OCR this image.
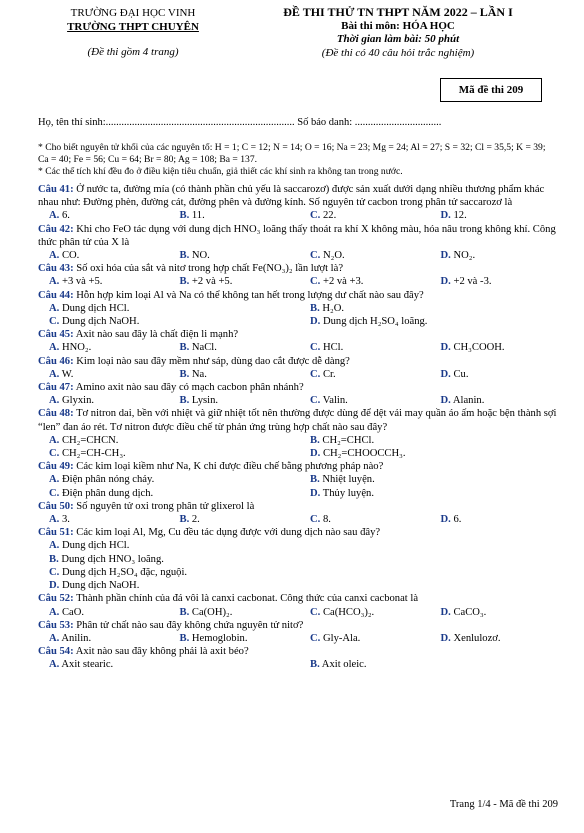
TRƯỜNG ĐẠI HỌC VINH
TRƯỜNG THPT CHUYÊN
(Đề thi gồm 4 trang)
ĐỀ THI THỬ TN THPT NĂM 2022 – LẦN I
Bài thi môn: HÓA HỌC
Thời gian làm bài: 50 phút
(Đề thi có 40 câu hỏi trắc nghiệm)
Mã đề thi 209
Họ, tên thí sinh:........................................................................ Số báo danh: .................................
* Cho biết nguyên tử khối của các nguyên tố: H = 1; C = 12; N = 14; O = 16; Na = 23; Mg = 24; Al = 27; S = 32; Cl = 35,5; K = 39; Ca = 40; Fe = 56; Cu = 64; Br = 80; Ag = 108; Ba = 137.
* Các thể tích khí đều đo ở điều kiện tiêu chuẩn, giả thiết các khí sinh ra không tan trong nước.
Câu 41: Ở nước ta, đường mía (có thành phần chủ yếu là saccarozơ) được sản xuất dưới dạng nhiều thương phẩm khác nhau như: Đường phèn, đường cát, đường phên và đường kính. Số nguyên tử cacbon trong phân tử saccarozơ là
A. 6.	B. 11.	C. 22.	D. 12.
Câu 42: Khi cho FeO tác dụng với dung dịch HNO₃ loãng thấy thoát ra khí X không màu, hóa nâu trong không khí. Công thức phân tử của X là
A. CO.	B. NO.	C. N₂O.	D. NO₂.
Câu 43: Số oxi hóa của sắt và nitơ trong hợp chất Fe(NO₃)₂ lần lượt là?
A. +3 và +5.	B. +2 và +5.	C. +2 và +3.	D. +2 và -3.
Câu 44: Hỗn hợp kim loại Al và Na có thể không tan hết trong lượng dư chất nào sau đây?
A. Dung dịch HCl.	B. H₂O.
C. Dung dịch NaOH.	D. Dung dịch H₂SO₄ loãng.
Câu 45: Axit nào sau đây là chất điện li mạnh?
A. HNO₂.	B. NaCl.	C. HCl.	D. CH₃COOH.
Câu 46: Kim loại nào sau đây mềm như sáp, dùng dao cắt được dễ dàng?
A. W.	B. Na.	C. Cr.	D. Cu.
Câu 47: Amino axit nào sau đây có mạch cacbon phân nhánh?
A. Glyxin.	B. Lysin.	C. Valin.	D. Alanin.
Câu 48: Tơ nitron dai, bền với nhiệt và giữ nhiệt tốt nên thường được dùng để dệt vải may quần áo ấm hoặc bện thành sợi “len” đan áo rét. Tơ nitron được điều chế từ phản ứng trùng hợp chất nào sau đây?
A. CH₂=CHCN.	B. CH₂=CHCl.
C. CH₂=CH-CH₃.	D. CH₂=CHOOCCH₃.
Câu 49: Các kim loại kiềm như Na, K chỉ được điều chế bằng phương pháp nào?
A. Điện phân nóng chảy.	B. Nhiệt luyện.
C. Điện phân dung dịch.	D. Thủy luyện.
Câu 50: Số nguyên tử oxi trong phân tử glixerol là
A. 3.	B. 2.	C. 8.	D. 6.
Câu 51: Các kim loại Al, Mg, Cu đều tác dụng được với dung dịch nào sau đây?
A. Dung dịch HCl.
B. Dung dịch HNO₃ loãng.
C. Dung dịch H₂SO₄ đặc, nguội.
D. Dung dịch NaOH.
Câu 52: Thành phần chính của đá vôi là canxi cacbonat. Công thức của canxi cacbonat là
A. CaO.	B. Ca(OH)₂.	C. Ca(HCO₃)₂.	D. CaCO₃.
Câu 53: Phân tử chất nào sau đây không chứa nguyên tử nitơ?
A. Anilin.	B. Hemoglobin.	C. Gly-Ala.	D. Xenlulozơ.
Câu 54: Axit nào sau đây không phải là axit béo?
A. Axit stearic.	B. Axit oleic.
Trang 1/4 - Mã đề thi 209
